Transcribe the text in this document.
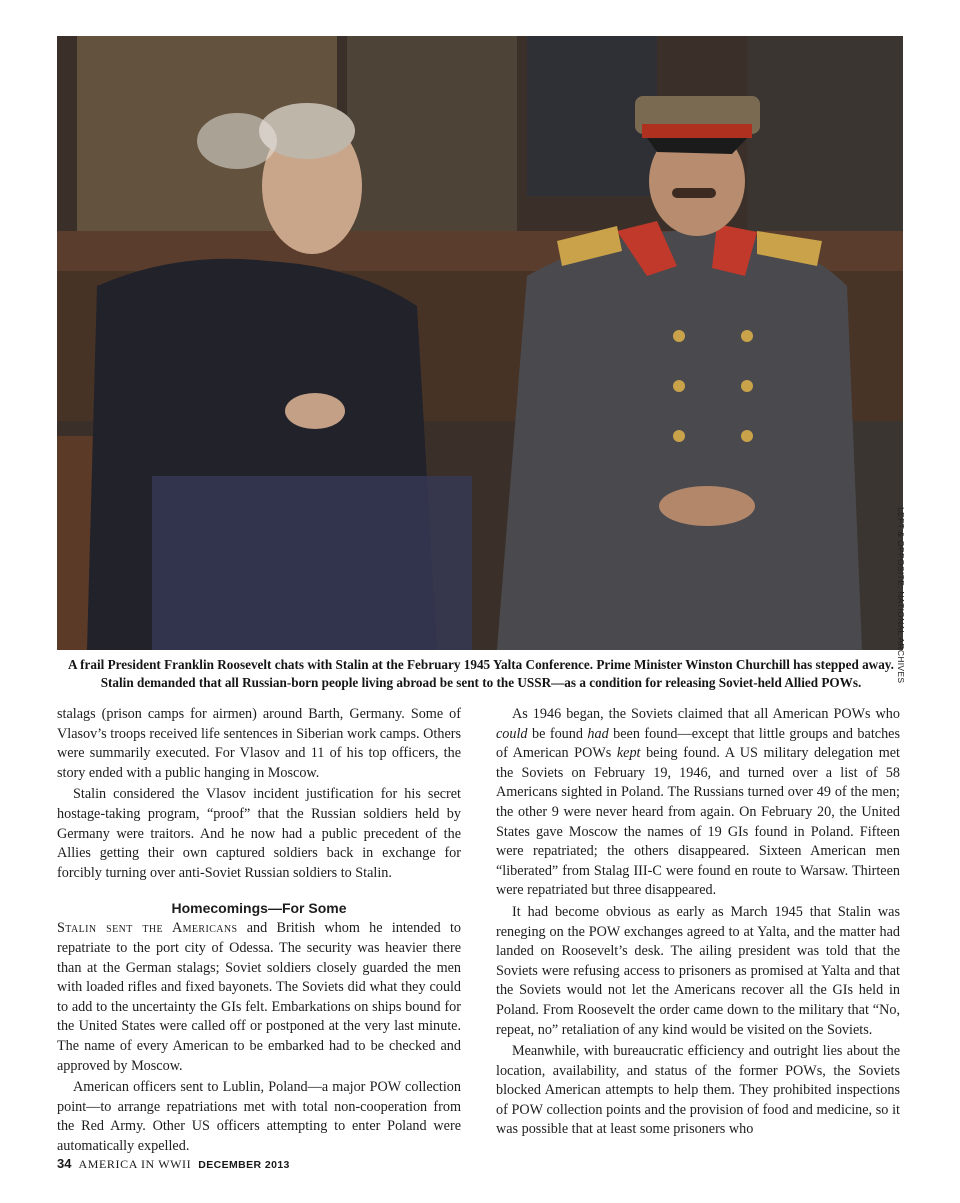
LEFT & OPPOSITE: NATIONAL ARCHIVES
A frail President Franklin Roosevelt chats with Stalin at the February 1945 Yalta Conference. Prime Minister Winston Churchill has stepped away. Stalin demanded that all Russian-born people living abroad be sent to the USSR—as a condition for releasing Soviet-held Allied POWs.

stalags (prison camps for airmen) around Barth, Germany. Some of Vlasov’s troops received life sentences in Siberian work camps. Others were summarily executed. For Vlasov and 11 of his top officers, the story ended with a public hanging in Moscow.

Stalin considered the Vlasov incident justification for his secret hostage-taking program, “proof” that the Russian soldiers held by Germany were traitors. And he now had a public precedent of the Allies getting their own captured soldiers back in exchange for forcibly turning over anti-Soviet Russian soldiers to Stalin.

Homecomings—For Some

Stalin sent the Americans and British whom he intended to repatriate to the port city of Odessa. The security was heavier there than at the German stalags; Soviet soldiers closely guarded the men with loaded rifles and fixed bayonets. The Soviets did what they could to add to the uncertainty the GIs felt. Embarkations on ships bound for the United States were called off or postponed at the very last minute. The name of every American to be embarked had to be checked and approved by Moscow.

American officers sent to Lublin, Poland—a major POW collection point—to arrange repatriations met with total non-cooperation from the Red Army. Other US officers attempting to enter Poland were automatically expelled.

As 1946 began, the Soviets claimed that all American POWs who could be found had been found—except that little groups and batches of American POWs kept being found. A US military delegation met the Soviets on February 19, 1946, and turned over a list of 58 Americans sighted in Poland. The Russians turned over 49 of the men; the other 9 were never heard from again. On February 20, the United States gave Moscow the names of 19 GIs found in Poland. Fifteen were repatriated; the others disappeared. Sixteen American men “liberated” from Stalag III-C were found en route to Warsaw. Thirteen were repatriated but three disappeared.

It had become obvious as early as March 1945 that Stalin was reneging on the POW exchanges agreed to at Yalta, and the matter had landed on Roosevelt’s desk. The ailing president was told that the Soviets were refusing access to prisoners as promised at Yalta and that the Soviets would not let the Americans recover all the GIs held in Poland. From Roosevelt the order came down to the military that “No, repeat, no” retaliation of any kind would be visited on the Soviets.

Meanwhile, with bureaucratic efficiency and outright lies about the location, availability, and status of the former POWs, the Soviets blocked American attempts to help them. They prohibited inspections of POW collection points and the provision of food and medicine, so it was possible that at least some prisoners who

34 AMERICA IN WWII DECEMBER 2013
